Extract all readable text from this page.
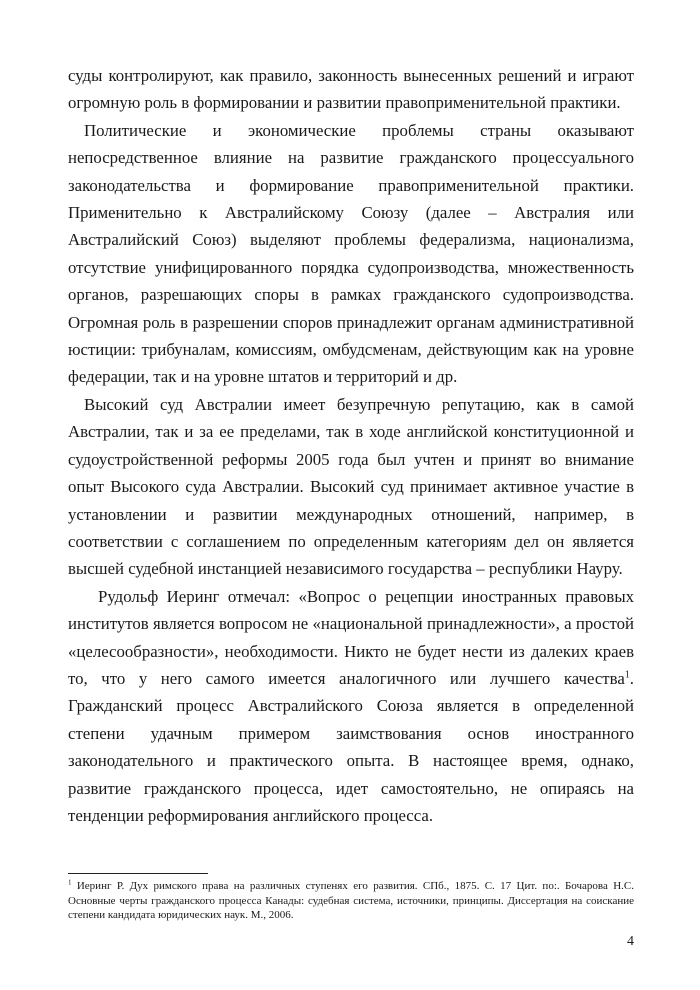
суды контролируют, как правило, законность вынесенных решений и играют огромную роль в формировании и развитии правоприменительной практики.

Политические и экономические проблемы страны оказывают непосредственное влияние на развитие гражданского процессуального законодательства и формирование правоприменительной практики. Применительно к Австралийскому Союзу (далее – Австралия или Австралийский Союз) выделяют проблемы федерализма, национализма, отсутствие унифицированного порядка судопроизводства, множественность органов, разрешающих споры в рамках гражданского судопроизводства. Огромная роль в разрешении споров принадлежит органам административной юстиции: трибуналам, комиссиям, омбудсменам, действующим как на уровне федерации, так и на уровне штатов и территорий и др.

Высокий суд Австралии имеет безупречную репутацию, как в самой Австралии, так и за ее пределами, так в ходе английской конституционной и судоустройственной реформы 2005 года был учтен и принят во внимание опыт Высокого суда Австралии. Высокий суд принимает активное участие в установлении и развитии международных отношений, например, в соответствии с соглашением по определенным категориям дел он является высшей судебной инстанцией независимого государства – республики Науру.

Рудольф Иеринг отмечал: «Вопрос о рецепции иностранных правовых институтов является вопросом не «национальной принадлежности», а простой «целесообразности», необходимости. Никто не будет нести из далеких краев то, что у него самого имеется аналогичного или лучшего качества$^1$. Гражданский процесс Австралийского Союза является в определенной степени удачным примером заимствования основ иностранного законодательного и практического опыта. В настоящее время, однако, развитие гражданского процесса, идет самостоятельно, не опираясь на тенденции реформирования английского процесса.

$^1$ Иеринг Р. Дух римского права на различных ступенях его развития. СПб., 1875. С. 17 Цит. по:. Бочарова Н.С. Основные черты гражданского процесса Канады: судебная система, источники, принципы. Диссертация на соискание степени кандидата юридических наук. М., 2006.

4
